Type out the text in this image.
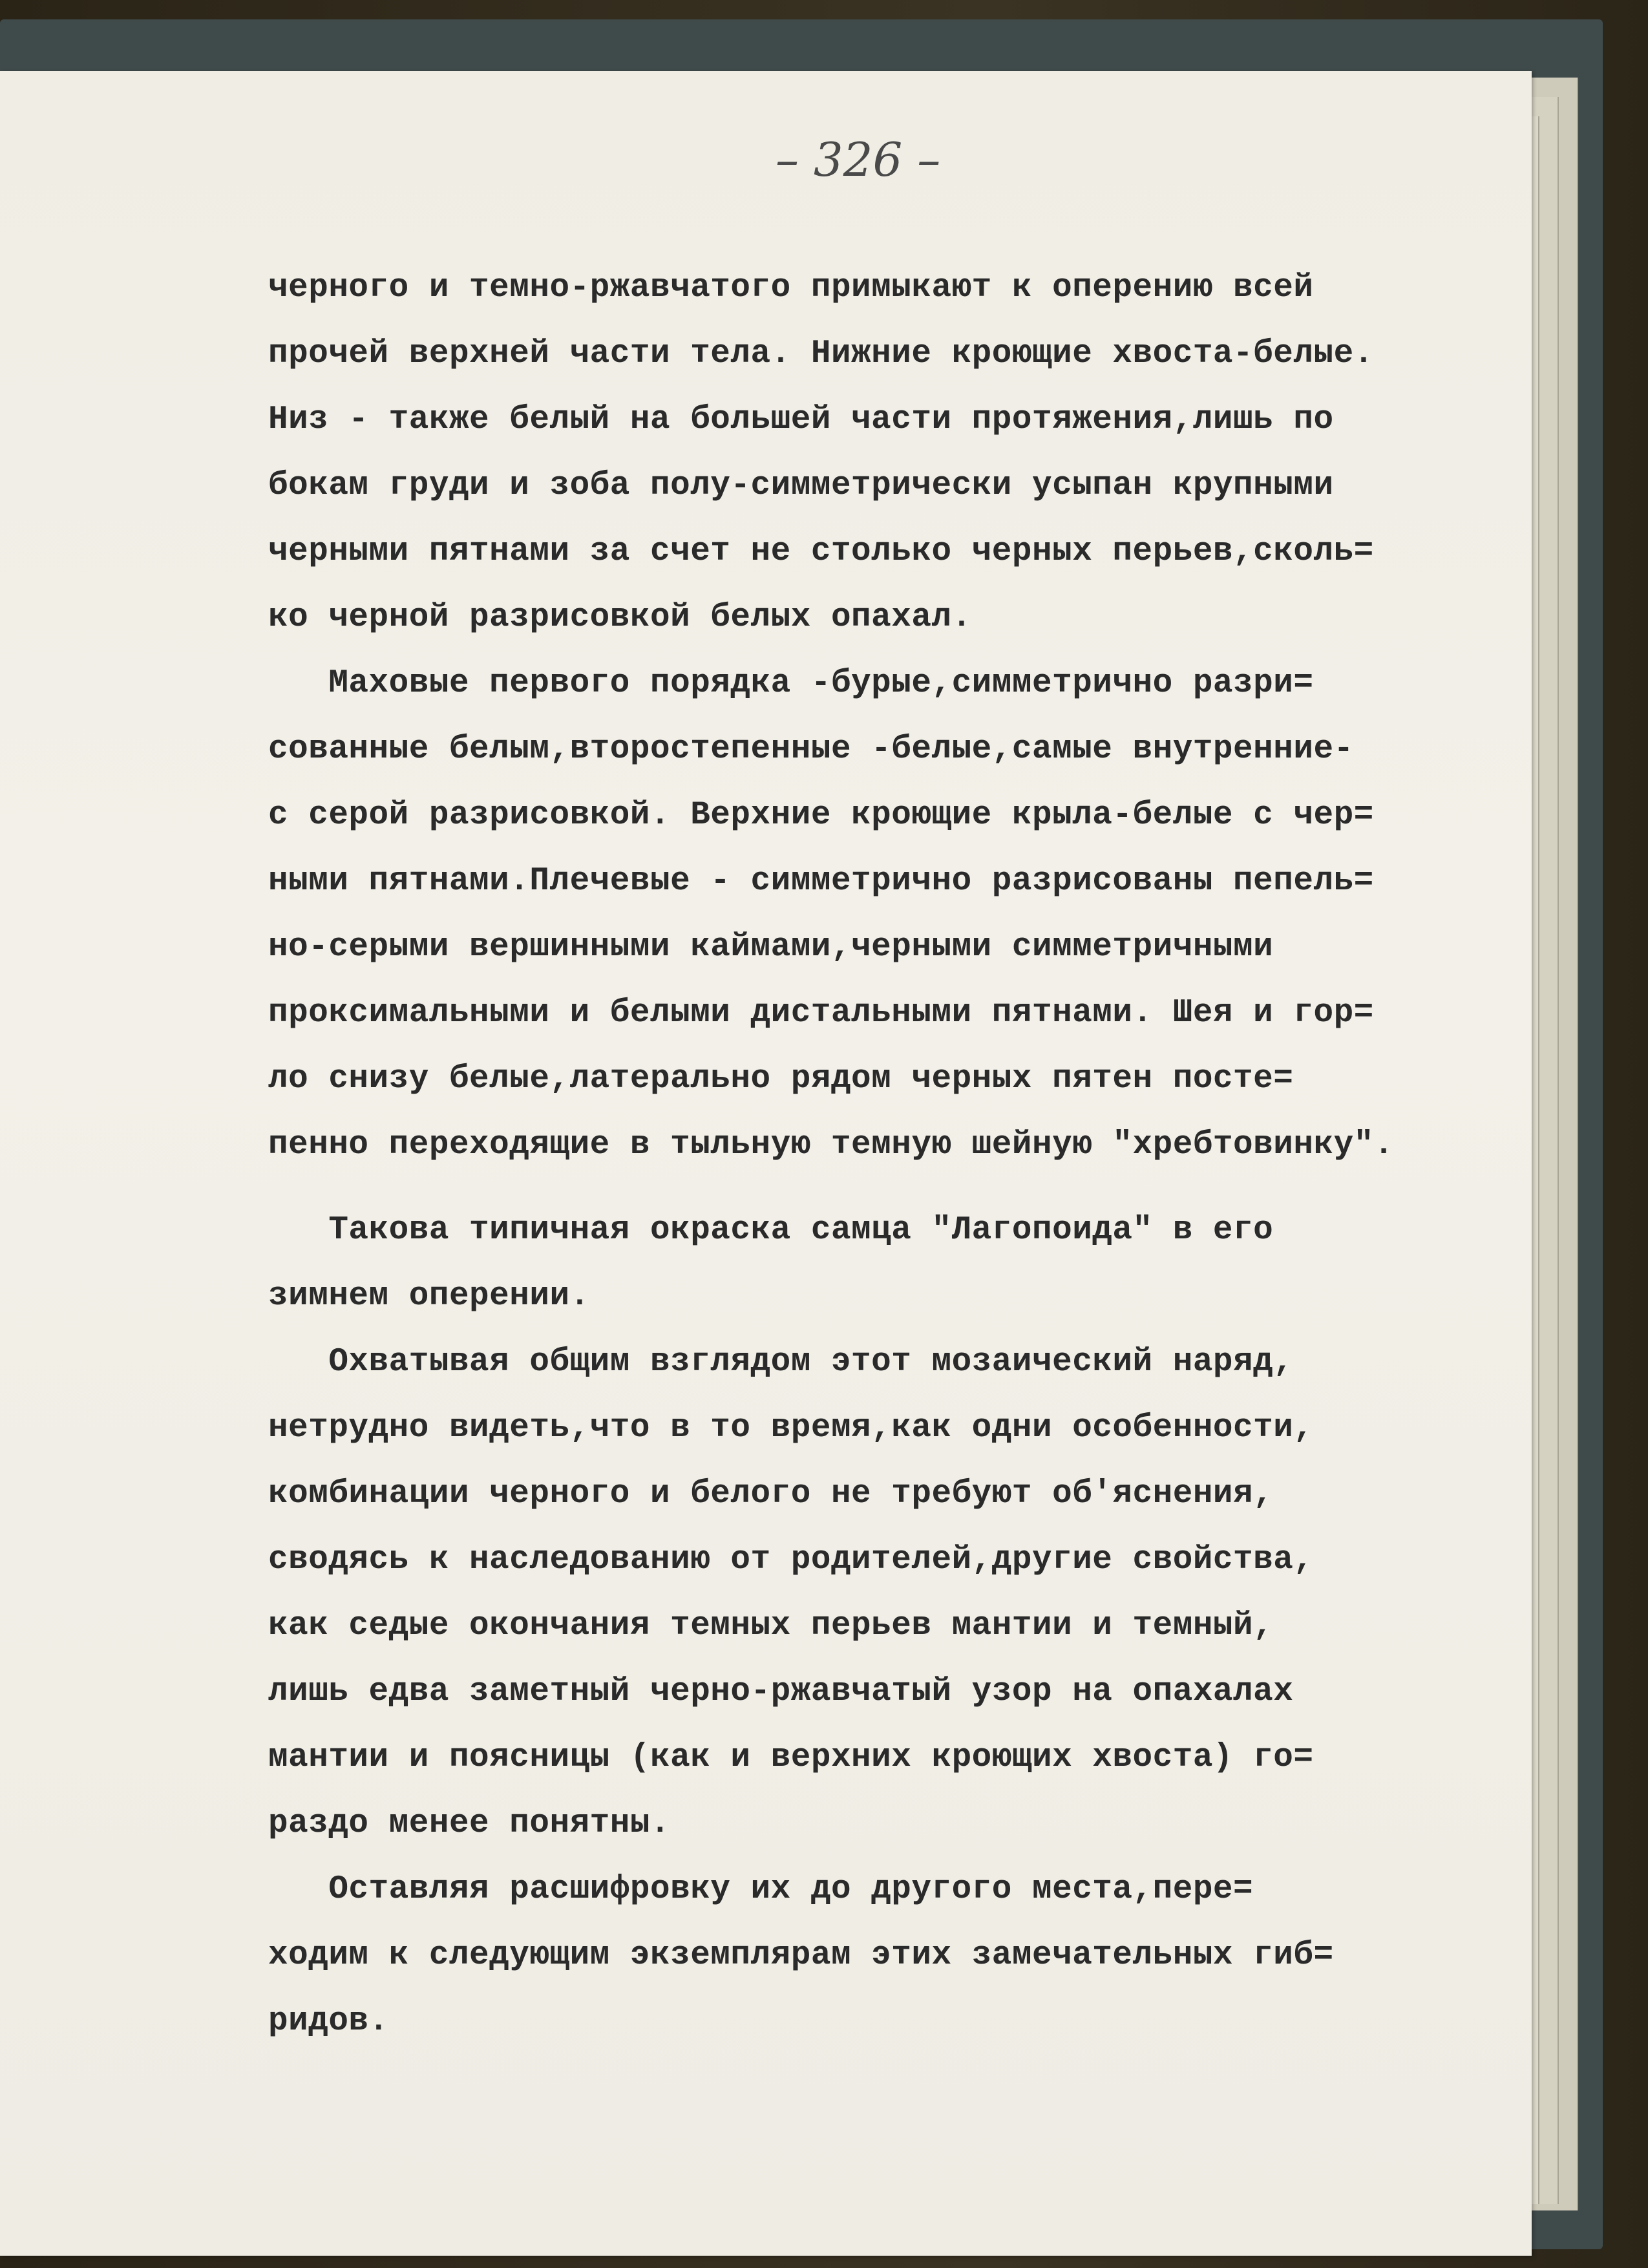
– 326 –
черного и темно-ржавчатого примыкают к оперению всей
прочей верхней части тела. Нижние кроющие хвоста-белые.
Низ - также белый на большей части протяжения,лишь по
бокам груди и зоба полу-симметрически усыпан крупными
черными пятнами за счет не столько черных перьев,сколь=
ко черной разрисовкой белых опахал.
Маховые первого порядка -бурые,симметрично разри=
сованные белым,второстепенные -белые,самые внутренние-
с серой разрисовкой. Верхние кроющие крыла-белые с чер=
ными пятнами.Плечевые - симметрично разрисованы пепель=
но-серыми вершинными каймами,черными симметричными
проксимальными и белыми дистальными пятнами. Шея и гор=
ло снизу белые,латерально рядом черных пятен посте=
пенно переходящие в тыльную темную шейную "хребтовинку".
Такова типичная окраска самца "Лагопоида" в его
зимнем оперении.
Охватывая общим взглядом этот мозаический наряд,
нетрудно видеть,что в то время,как одни особенности,
комбинации черного и белого не требуют об'яснения,
сводясь к наследованию от родителей,другие свойства,
как седые окончания темных перьев мантии и темный,
лишь едва заметный черно-ржавчатый узор на опахалах
мантии и поясницы (как и верхних кроющих хвоста) го=
раздо менее понятны.
Оставляя расшифровку их до другого места,пере=
ходим к следующим экземплярам этих замечательных гиб=
ридов.
